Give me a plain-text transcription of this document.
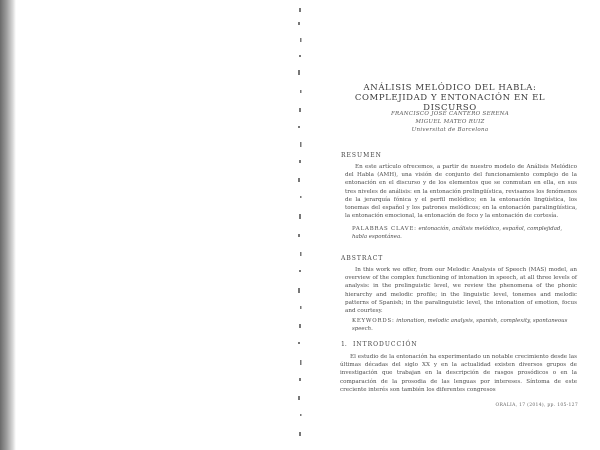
ANÁLISIS MELÓDICO DEL HABLA:
COMPLEJIDAD Y ENTONACIÓN EN EL DISCURSO
FRANCISCO JOSÉ CANTERO SERENA
MIGUEL MATEO RUIZ
Universitat de Barcelona
RESUMEN
En este artículo ofrecemos, a partir de nuestro modelo de Análisis Melódico del Habla (AMH), una visión de conjunto del funcionamiento complejo de la entonación en el discurso y de los elementos que se conmutan en ella, en sus tres niveles de análisis: en la entonación prelingüística, revisamos los fenómenos de la jerarquía fónica y el perfil melódico; en la entonación lingüística, los tonemas del español y los patrones melódicos; en la entonación paralingüística, la entonación emocional, la entonación de foco y la entonación de cortesía.
PALABRAS CLAVE: entonación, análisis melódico, español, complejidad, habla espontánea.
ABSTRACT
In this work we offer, from our Melodic Analysis of Speech (MAS) model, an overview of the complex functioning of intonation in speech, at all three levels of analysis: in the prelinguistic level, we review the phenomena of the phonic hierarchy and melodic profile; in the linguistic level, tonemes and melodic patterns of Spanish; in the paralinguistic level, the intonation of emotion, focus and courtesy.
KEYWORDS: intonation, melodic analysis, spanish, complexity, spontaneous speech.
1. INTRODUCCIÓN
El estudio de la entonación ha experimentado un notable crecimiento desde las últimas décadas del siglo XX y en la actualidad existen diversos grupos de investigación que trabajan en la descripción de rasgos prosódicos o en la comparación de la prosodia de las lenguas por intereses. Síntoma de este creciente interés son también los diferentes congresos
ORALIA, 17 (2014), pp. 105-127
